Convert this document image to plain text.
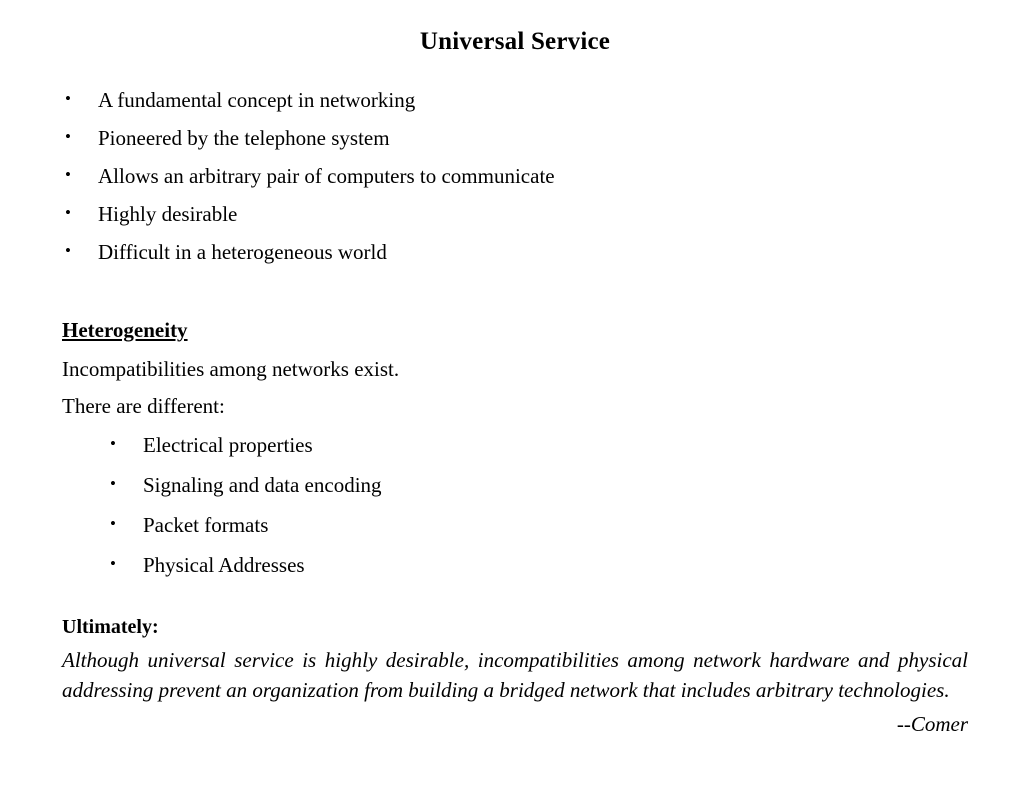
Universal Service
• A fundamental concept in networking
• Pioneered by the telephone system
• Allows an arbitrary pair of computers to communicate
• Highly desirable
• Difficult in a heterogeneous world
Heterogeneity

Incompatibilities among networks exist.

There are different:

• Electrical properties
• Signaling and data encoding
• Packet formats
• Physical Addresses
Ultimately:

Although universal service is highly desirable, incompatibilities among network hardware and physical addressing prevent an organization from building a bridged network that includes arbitrary technologies.

--Comer
